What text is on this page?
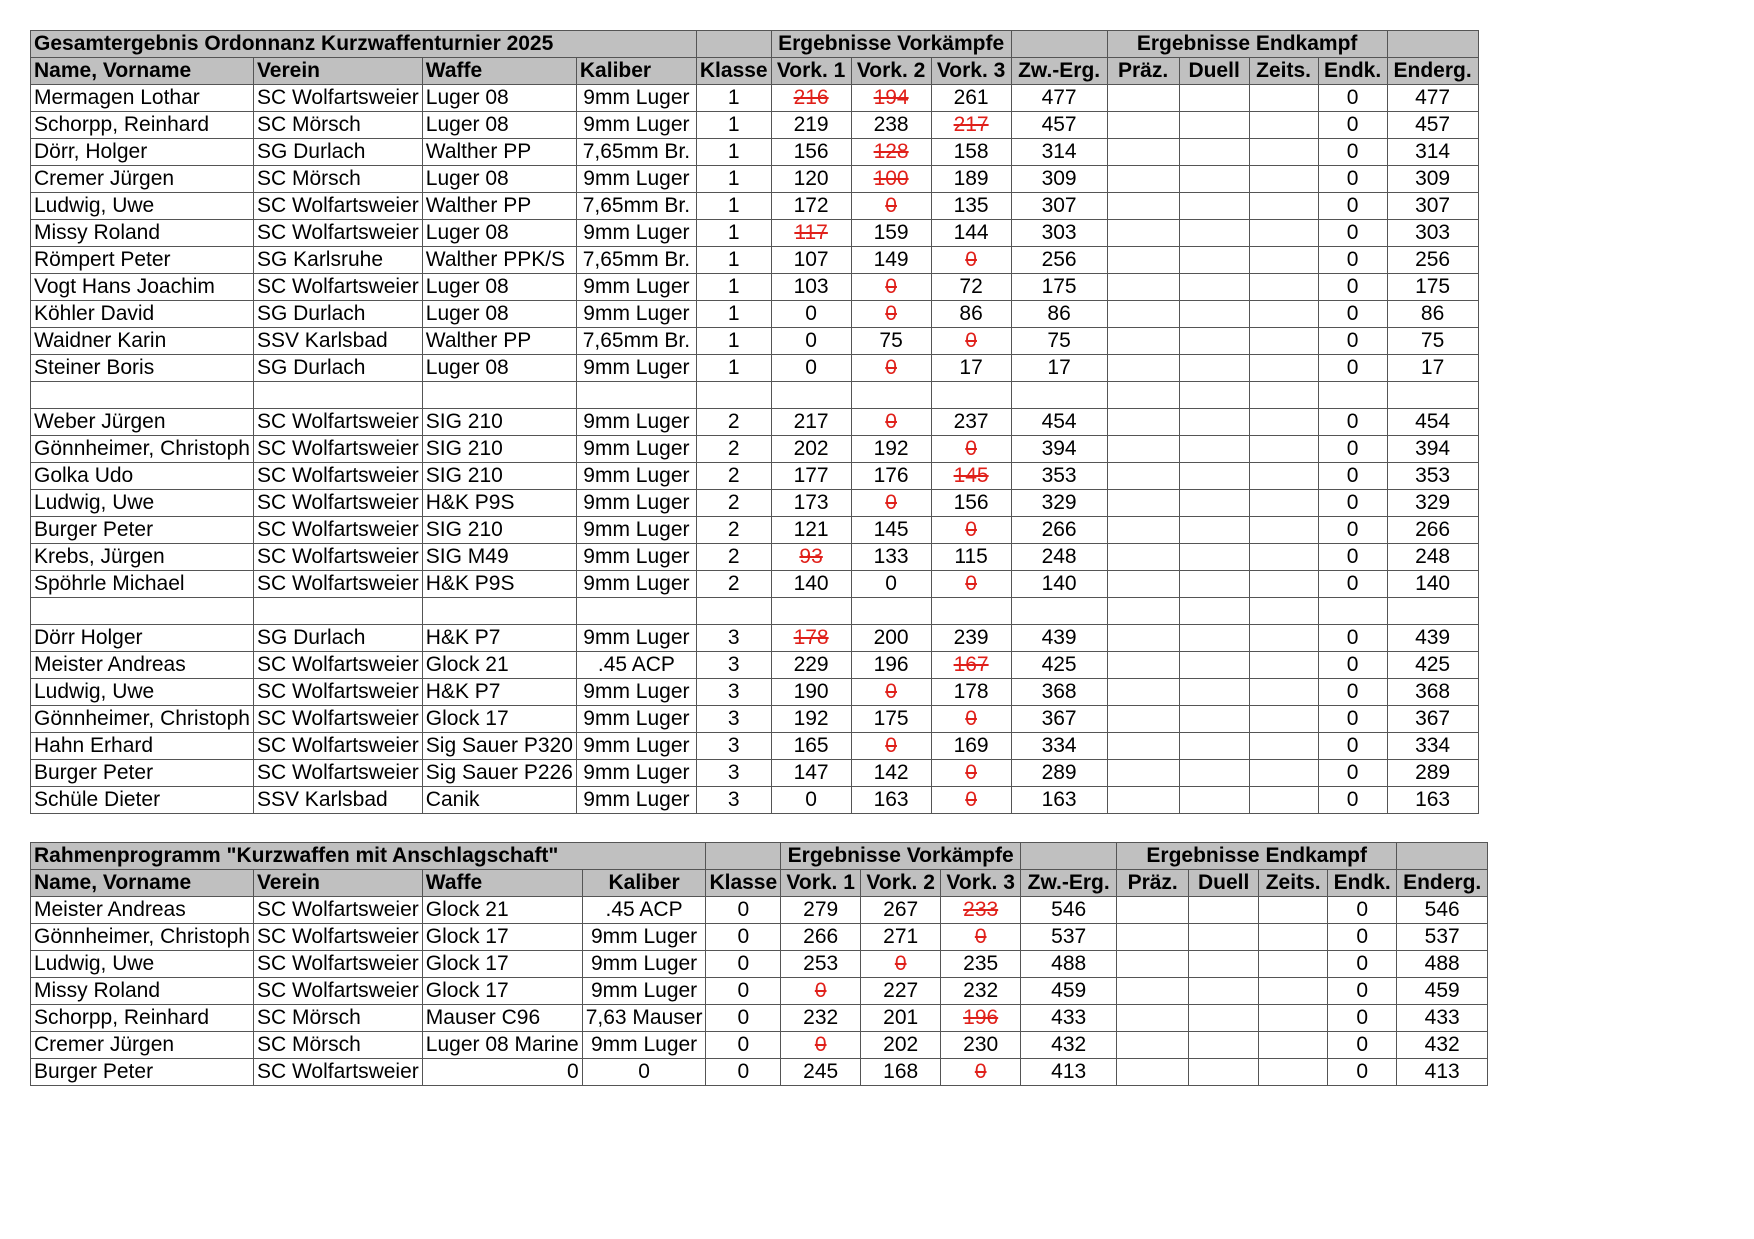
Gesamtergebnis Ordonnanz Kurzwaffenturnier 2025					Ergebnisse Vorkämpfe				Ergebnisse Endkampf				
Name, Vorname	Verein	Waffe	Kaliber	Klasse	Vork. 1	Vork. 2	Vork. 3	Zw.-Erg.	Präz.	Duell	Zeits.	Endk.	Enderg.
Mermagen Lothar	SC Wolfartsweier	Luger 08	9mm Luger	1	216	194	261	477				0	477
Schorpp, Reinhard	SC Mörsch	Luger 08	9mm Luger	1	219	238	217	457				0	457
Dörr, Holger	SG Durlach	Walther PP	7,65mm Br.	1	156	128	158	314				0	314
Cremer Jürgen	SC Mörsch	Luger 08	9mm Luger	1	120	100	189	309				0	309
Ludwig, Uwe	SC Wolfartsweier	Walther PP	7,65mm Br.	1	172	0	135	307				0	307
Missy Roland	SC Wolfartsweier	Luger 08	9mm Luger	1	117	159	144	303				0	303
Römpert Peter	SG Karlsruhe	Walther PPK/S	7,65mm Br.	1	107	149	0	256				0	256
Vogt Hans Joachim	SC Wolfartsweier	Luger 08	9mm Luger	1	103	0	72	175				0	175
Köhler David	SG Durlach	Luger 08	9mm Luger	1	0	0	86	86				0	86
Waidner Karin	SSV Karlsbad	Walther PP	7,65mm Br.	1	0	75	0	75				0	75
Steiner Boris	SG Durlach	Luger 08	9mm Luger	1	0	0	17	17				0	17

Weber Jürgen	SC Wolfartsweier	SIG 210	9mm Luger	2	217	0	237	454				0	454
Gönnheimer, Christoph	SC Wolfartsweier	SIG 210	9mm Luger	2	202	192	0	394				0	394
Golka Udo	SC Wolfartsweier	SIG 210	9mm Luger	2	177	176	145	353				0	353
Ludwig, Uwe	SC Wolfartsweier	H&K P9S	9mm Luger	2	173	0	156	329				0	329
Burger Peter	SC Wolfartsweier	SIG 210	9mm Luger	2	121	145	0	266				0	266
Krebs, Jürgen	SC Wolfartsweier	SIG M49	9mm Luger	2	93	133	115	248				0	248
Spöhrle Michael	SC Wolfartsweier	H&K P9S	9mm Luger	2	140	0	0	140				0	140

Dörr Holger	SG Durlach	H&K P7	9mm Luger	3	178	200	239	439				0	439
Meister Andreas	SC Wolfartsweier	Glock 21	.45 ACP	3	229	196	167	425				0	425
Ludwig, Uwe	SC Wolfartsweier	H&K P7	9mm Luger	3	190	0	178	368				0	368
Gönnheimer, Christoph	SC Wolfartsweier	Glock 17	9mm Luger	3	192	175	0	367				0	367
Hahn Erhard	SC Wolfartsweier	Sig Sauer P320	9mm Luger	3	165	0	169	334				0	334
Burger Peter	SC Wolfartsweier	Sig Sauer P226	9mm Luger	3	147	142	0	289				0	289
Schüle Dieter	SSV Karlsbad	Canik	9mm Luger	3	0	163	0	163				0	163
Rahmenprogramm "Kurzwaffen mit Anschlagschaft"					Ergebnisse Vorkämpfe				Ergebnisse Endkampf				
Name, Vorname	Verein	Waffe	Kaliber	Klasse	Vork. 1	Vork. 2	Vork. 3	Zw.-Erg.	Präz.	Duell	Zeits.	Endk.	Enderg.
Meister Andreas	SC Wolfartsweier	Glock 21	.45 ACP	0	279	267	233	546				0	546
Gönnheimer, Christoph	SC Wolfartsweier	Glock 17	9mm Luger	0	266	271	0	537				0	537
Ludwig, Uwe	SC Wolfartsweier	Glock 17	9mm Luger	0	253	0	235	488				0	488
Missy Roland	SC Wolfartsweier	Glock 17	9mm Luger	0	0	227	232	459				0	459
Schorpp, Reinhard	SC Mörsch	Mauser C96	7,63 Mauser	0	232	201	196	433				0	433
Cremer Jürgen	SC Mörsch	Luger 08 Marine	9mm Luger	0	0	202	230	432				0	432
Burger Peter	SC Wolfartsweier	0	0	0	245	168	0	413				0	413
